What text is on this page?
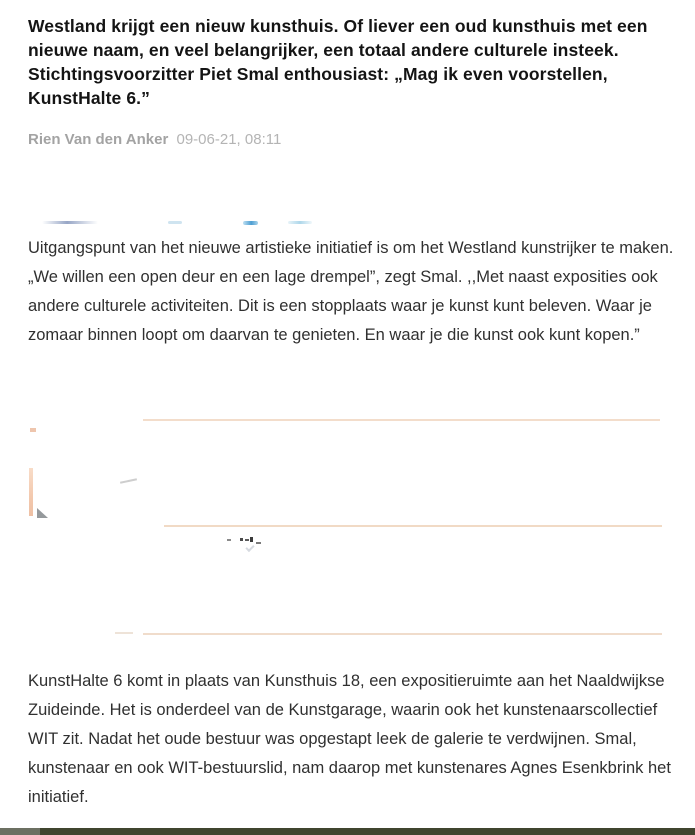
Westland krijgt een nieuw kunsthuis. Of liever een oud kunsthuis met een nieuwe naam, en veel belangrijker, een totaal andere culturele insteek. Stichtingsvoorzitter Piet Smal enthousiast: „Mag ik even voorstellen, KunstHalte 6.”
Rien Van den Anker 09-06-21, 08:11

Uitgangspunt van het nieuwe artistieke initiatief is om het Westland kunstrijker te maken. „We willen een open deur en een lage drempel”, zegt Smal. ,,Met naast exposities ook andere culturele activiteiten. Dit is een stopplaats waar je kunst kunt beleven. Waar je zomaar binnen loopt om daarvan te genieten. En waar je die kunst ook kunt kopen.”

KunstHalte 6 komt in plaats van Kunsthuis 18, een expositieruimte aan het Naaldwijkse Zuideinde. Het is onderdeel van de Kunstgarage, waarin ook het kunstenaarscollectief WIT zit. Nadat het oude bestuur was opgestapt leek de galerie te verdwijnen. Smal, kunstenaar en ook WIT-bestuurslid, nam daarop met kunstenares Agnes Esenkbrink het initiatief.
